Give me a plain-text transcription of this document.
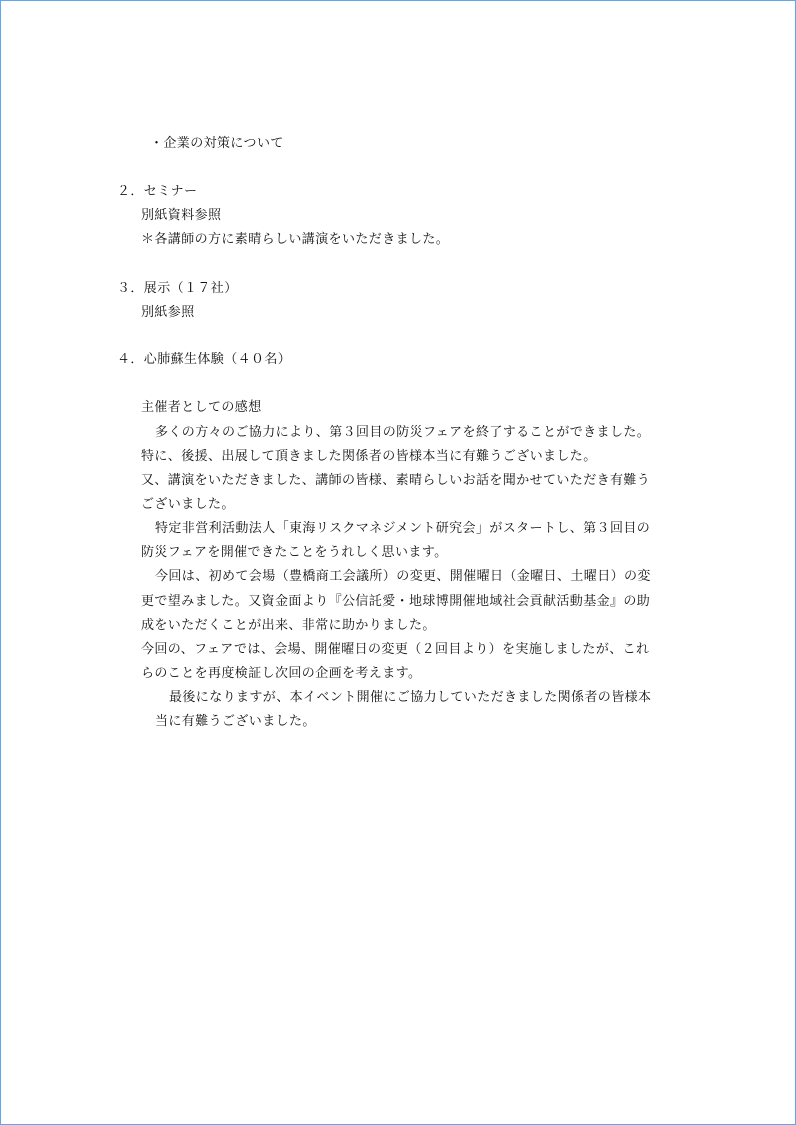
・企業の対策について
２．セミナー
別紙資料参照
＊各講師の方に素晴らしい講演をいただきました。
３．展示（１７社）
別紙参照
４．心肺蘇生体験（４０名）
主催者としての感想
多くの方々のご協力により、第３回目の防災フェアを終了することができました。
特に、後援、出展して頂きました関係者の皆様本当に有難うございました。
又、講演をいただきました、講師の皆様、素晴らしいお話を聞かせていただき有難う
ございました。
特定非営利活動法人「東海リスクマネジメント研究会」がスタートし、第３回目の
防災フェアを開催できたことをうれしく思います。
今回は、初めて会場（豊橋商工会議所）の変更、開催曜日（金曜日、土曜日）の変
更で望みました。又資金面より『公信託愛・地球博開催地域社会貢献活動基金』の助
成をいただくことが出来、非常に助かりました。
今回の、フェアでは、会場、開催曜日の変更（２回目より）を実施しましたが、これ
らのことを再度検証し次回の企画を考えます。
最後になりますが、本イベント開催にご協力していただきました関係者の皆様本
当に有難うございました。
